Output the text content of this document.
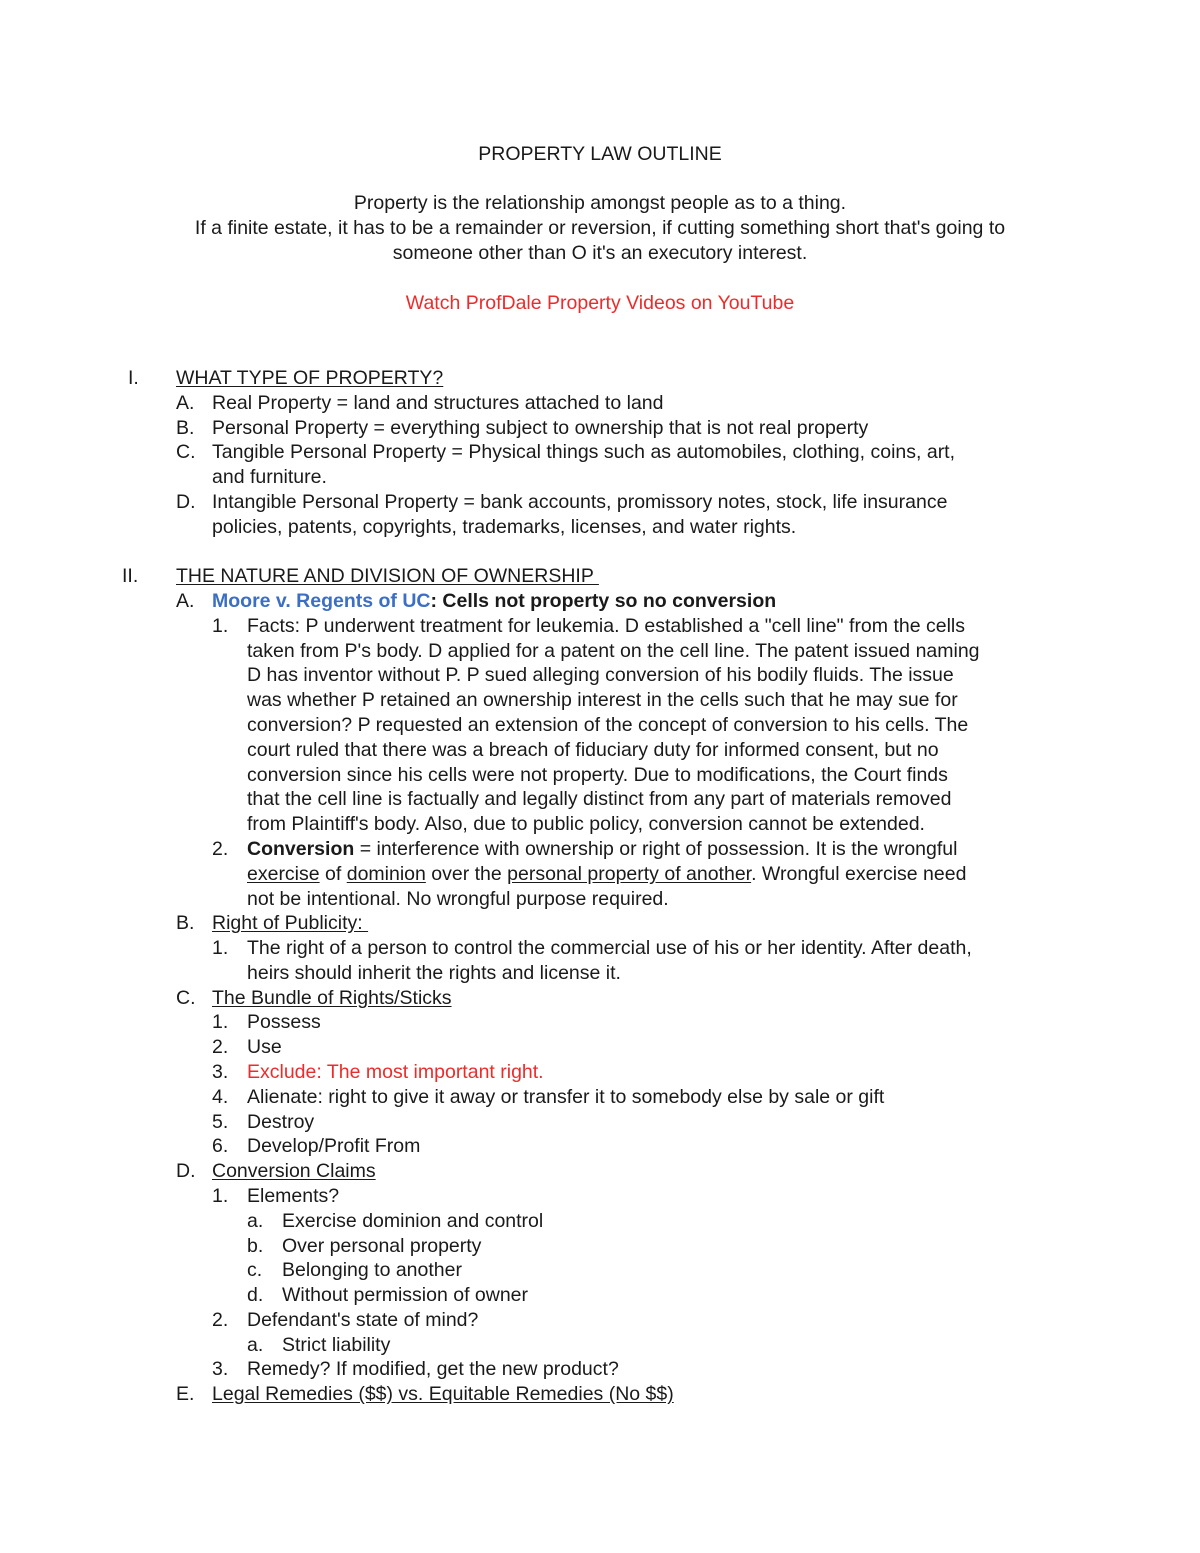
PROPERTY LAW OUTLINE
Property is the relationship amongst people as to a thing.
If a finite estate, it has to be a remainder or reversion, if cutting something short that's going to
someone other than O it's an executory interest.
Watch ProfDale Property Videos on YouTube
I. WHAT TYPE OF PROPERTY?
A. Real Property = land and structures attached to land
B. Personal Property = everything subject to ownership that is not real property
C. Tangible Personal Property = Physical things such as automobiles, clothing, coins, art,
and furniture.
D. Intangible Personal Property = bank accounts, promissory notes, stock, life insurance
policies, patents, copyrights, trademarks, licenses, and water rights.
II. THE NATURE AND DIVISION OF OWNERSHIP
A. Moore v. Regents of UC: Cells not property so no conversion
1. Facts: P underwent treatment for leukemia. D established a "cell line" from the cells
taken from P's body. D applied for a patent on the cell line. The patent issued naming
D has inventor without P. P sued alleging conversion of his bodily fluids. The issue
was whether P retained an ownership interest in the cells such that he may sue for
conversion? P requested an extension of the concept of conversion to his cells. The
court ruled that there was a breach of fiduciary duty for informed consent, but no
conversion since his cells were not property. Due to modifications, the Court finds
that the cell line is factually and legally distinct from any part of materials removed
from Plaintiff's body. Also, due to public policy, conversion cannot be extended.
2. Conversion = interference with ownership or right of possession. It is the wrongful
exercise of dominion over the personal property of another. Wrongful exercise need
not be intentional. No wrongful purpose required.
B. Right of Publicity:
1. The right of a person to control the commercial use of his or her identity. After death,
heirs should inherit the rights and license it.
C. The Bundle of Rights/Sticks
1. Possess
2. Use
3. Exclude: The most important right.
4. Alienate: right to give it away or transfer it to somebody else by sale or gift
5. Destroy
6. Develop/Profit From
D. Conversion Claims
1. Elements?
a. Exercise dominion and control
b. Over personal property
c. Belonging to another
d. Without permission of owner
2. Defendant's state of mind?
a. Strict liability
3. Remedy? If modified, get the new product?
E. Legal Remedies ($$) vs. Equitable Remedies (No $$)
